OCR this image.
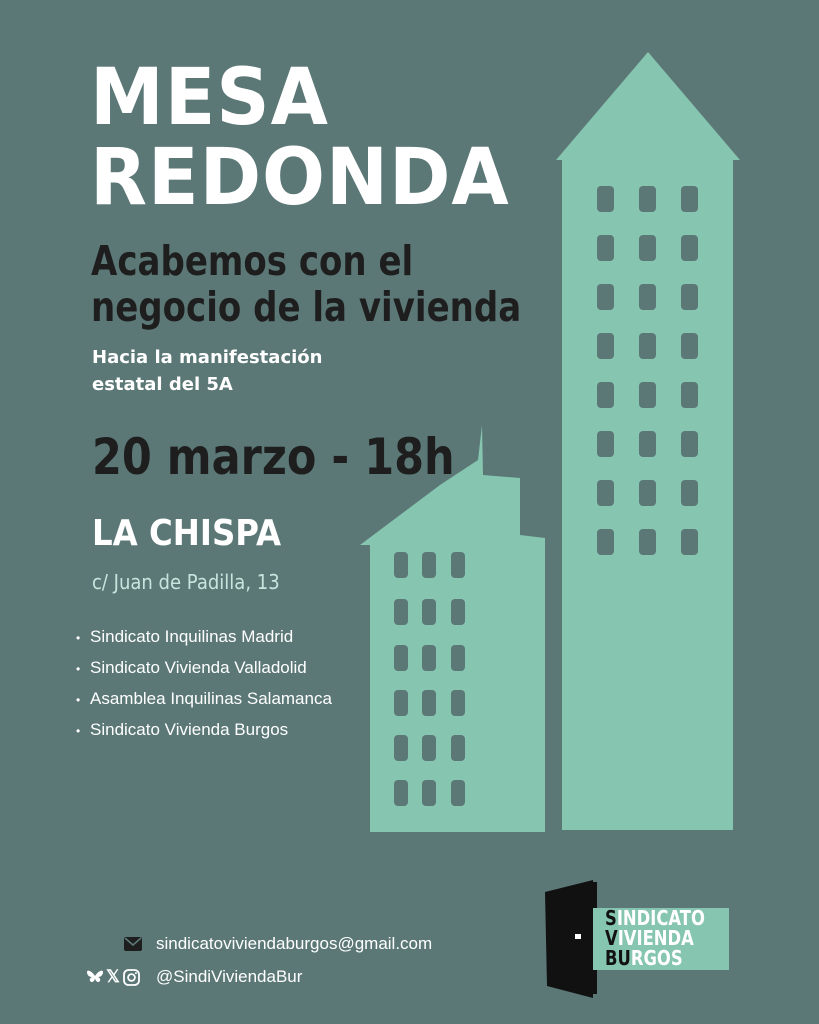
MESA
REDONDA
Acabemos con el
negocio de la vivienda
Hacia la manifestación
estatal del 5A
20 marzo - 18h
LA CHISPA
c/ Juan de Padilla, 13
• Sindicato Inquilinas Madrid
• Sindicato Vivienda Valladolid
• Asamblea Inquilinas Salamanca
• Sindicato Vivienda Burgos
sindicatoviviendaburgos@gmail.com
𝕏 @SindiViviendaBur
SINDICATO
VIVIENDA
BURGOS
